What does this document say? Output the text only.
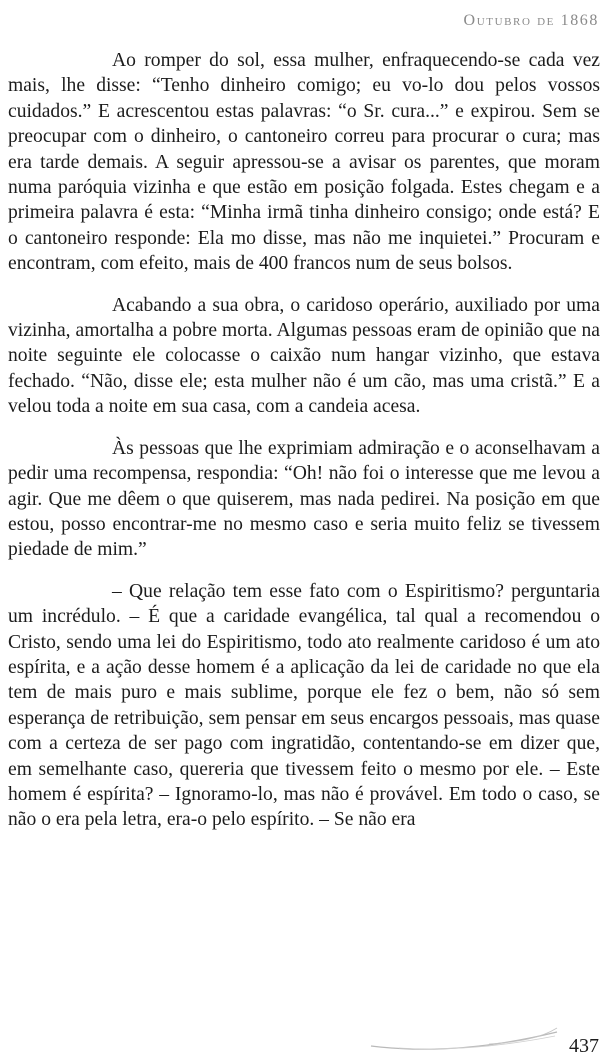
Outubro de 1868

Ao romper do sol, essa mulher, enfraquecendo-se cada vez mais, lhe disse: “Tenho dinheiro comigo; eu vo-lo dou pelos vossos cuidados.” E acrescentou estas palavras: “o Sr. cura...” e expirou. Sem se preocupar com o dinheiro, o cantoneiro correu para procurar o cura; mas era tarde demais. A seguir apressou-se a avisar os parentes, que moram numa paróquia vizinha e que estão em posição folgada. Estes chegam e a primeira palavra é esta: “Minha irmã tinha dinheiro consigo; onde está? E o cantoneiro responde: Ela mo disse, mas não me inquietei.” Procuram e encontram, com efeito, mais de 400 francos num de seus bolsos.

Acabando a sua obra, o caridoso operário, auxiliado por uma vizinha, amortalha a pobre morta. Algumas pessoas eram de opinião que na noite seguinte ele colocasse o caixão num hangar vizinho, que estava fechado. “Não, disse ele; esta mulher não é um cão, mas uma cristã.” E a velou toda a noite em sua casa, com a candeia acesa.

Às pessoas que lhe exprimiam admiração e o aconselhavam a pedir uma recompensa, respondia: “Oh! não foi o interesse que me levou a agir. Que me dêem o que quiserem, mas nada pedirei. Na posição em que estou, posso encontrar-me no mesmo caso e seria muito feliz se tivessem piedade de mim.”

– Que relação tem esse fato com o Espiritismo? perguntaria um incrédulo. – É que a caridade evangélica, tal qual a recomendou o Cristo, sendo uma lei do Espiritismo, todo ato realmente caridoso é um ato espírita, e a ação desse homem é a aplicação da lei de caridade no que ela tem de mais puro e mais sublime, porque ele fez o bem, não só sem esperança de retribuição, sem pensar em seus encargos pessoais, mas quase com a certeza de ser pago com ingratidão, contentando-se em dizer que, em semelhante caso, quereria que tivessem feito o mesmo por ele. – Este homem é espírita? – Ignoramo-lo, mas não é provável. Em todo o caso, se não o era pela letra, era-o pelo espírito. – Se não era

437
